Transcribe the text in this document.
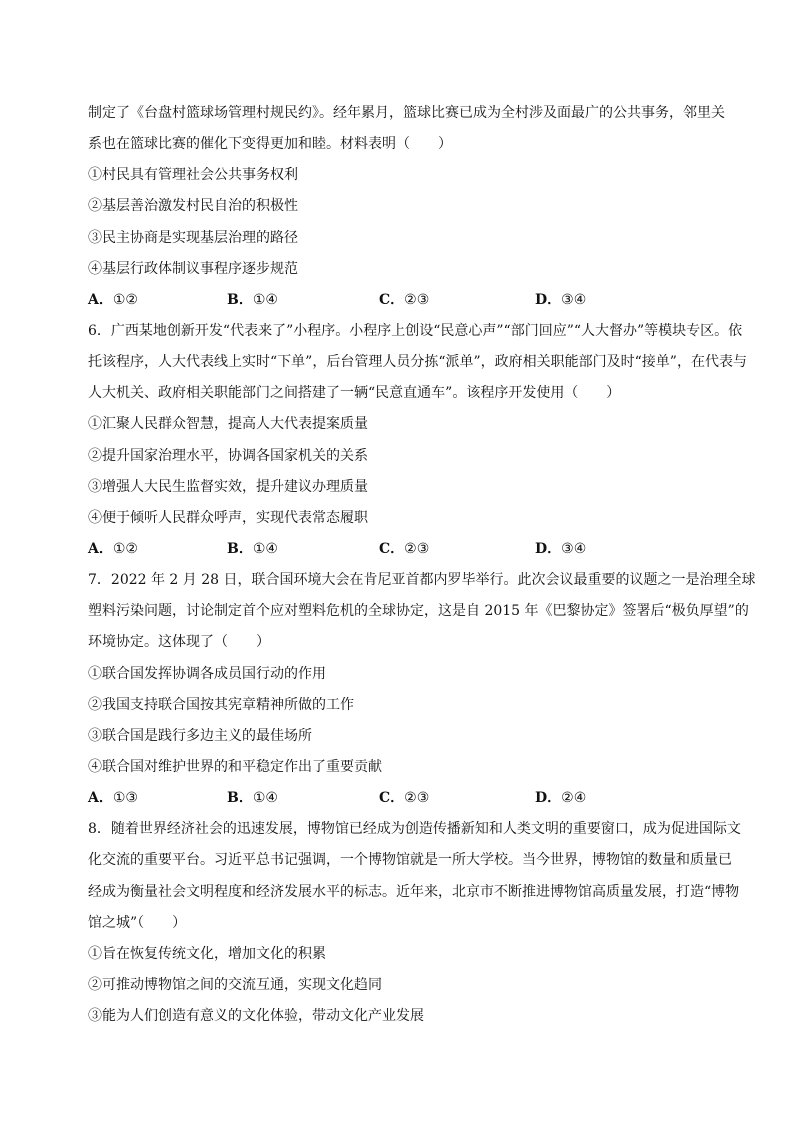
制定了《台盘村篮球场管理村规民约》。经年累月，篮球比赛已成为全村涉及面最广的公共事务，邻里关
系也在篮球比赛的催化下变得更加和睦。材料表明（　　）
①村民具有管理社会公共事务权利
②基层善治激发村民自治的积极性
③民主协商是实现基层治理的路径
④基层行政体制议事程序逐步规范
A．①②	B．①④	C．②③	D．③④
6．广西某地创新开发“代表来了”小程序。小程序上创设“民意心声”“部门回应”“人大督办”等模块专区。依
托该程序，人大代表线上实时“下单”，后台管理人员分拣“派单”，政府相关职能部门及时“接单”，在代表与
人大机关、政府相关职能部门之间搭建了一辆“民意直通车”。该程序开发使用（　　）
①汇聚人民群众智慧，提高人大代表提案质量
②提升国家治理水平，协调各国家机关的关系
③增强人大民生监督实效，提升建议办理质量
④便于倾听人民群众呼声，实现代表常态履职
A．①②	B．①④	C．②③	D．③④
7．2022 年 2 月 28 日，联合国环境大会在肯尼亚首都内罗毕举行。此次会议最重要的议题之一是治理全球
塑料污染问题，讨论制定首个应对塑料危机的全球协定，这是自 2015 年《巴黎协定》签署后“极负厚望”的
环境协定。这体现了（　　）
①联合国发挥协调各成员国行动的作用
②我国支持联合国按其宪章精神所做的工作
③联合国是践行多边主义的最佳场所
④联合国对维护世界的和平稳定作出了重要贡献
A．①③	B．①④	C．②③	D．②④
8．随着世界经济社会的迅速发展，博物馆已经成为创造传播新知和人类文明的重要窗口，成为促进国际文
化交流的重要平台。习近平总书记强调，一个博物馆就是一所大学校。当今世界，博物馆的数量和质量已
经成为衡量社会文明程度和经济发展水平的标志。近年来，北京市不断推进博物馆高质量发展，打造“博物
馆之城”（　　）
①旨在恢复传统文化，增加文化的积累
②可推动博物馆之间的交流互通，实现文化趋同
③能为人们创造有意义的文化体验，带动文化产业发展
